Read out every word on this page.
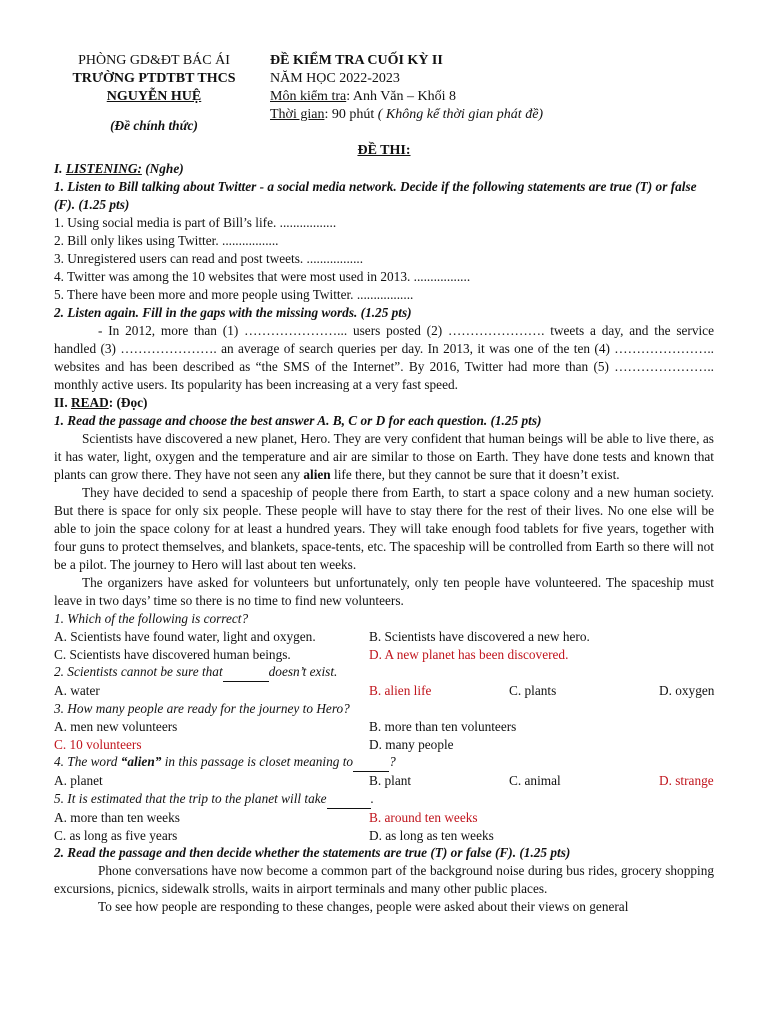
PHÒNG GD&ĐT BÁC ÁI
TRƯỜNG PTDTBT THCS
NGUYỄN HUỆ
(Đề chính thức)
ĐỀ KIỂM TRA CUỐI KỲ II
NĂM HỌC 2022-2023
Môn kiểm tra: Anh Văn – Khối 8
Thời gian: 90 phút ( Không kể thời gian phát đề)
ĐỀ THI:
I. LISTENING: (Nghe)
1. Listen to Bill talking about Twitter - a social media network. Decide if the following statements are true (T) or false (F). (1.25 pts)
1. Using social media is part of Bill’s life. .................
2. Bill only likes using Twitter. .................
3. Unregistered users can read and post tweets. .................
4. Twitter was among the 10 websites that were most used in 2013. .................
5. There have been more and more people using Twitter. .................
2. Listen again. Fill in the gaps with the missing words. (1.25 pts)
- In 2012, more than (1) …………………... users posted (2) …………………. tweets a day, and the service handled (3) …………………. an average of search queries per day. In 2013, it was one of the ten (4) ………………….. websites and has been described as “the SMS of the Internet”. By 2016, Twitter had more than (5) ………………….. monthly active users. Its popularity has been increasing at a very fast speed.
II. READ: (Đọc)
1. Read the passage and choose the best answer A. B, C or D for each question. (1.25 pts)
Scientists have discovered a new planet, Hero. They are very confident that human beings will be able to live there, as it has water, light, oxygen and the temperature and air are similar to those on Earth. They have done tests and known that plants can grow there. They have not seen any alien life there, but they cannot be sure that it doesn’t exist.
They have decided to send a spaceship of people there from Earth, to start a space colony and a new human society. But there is space for only six people. These people will have to stay there for the rest of their lives. No one else will be able to join the space colony for at least a hundred years. They will take enough food tablets for five years, together with four guns to protect themselves, and blankets, space-tents, etc. The spaceship will be controlled from Earth so there will not be a pilot. The journey to Hero will last about ten weeks.
The organizers have asked for volunteers but unfortunately, only ten people have volunteered. The spaceship must leave in two days’ time so there is no time to find new volunteers.
1. Which of the following is correct?
A. Scientists have found water, light and oxygen.	B. Scientists have discovered a new hero.
C. Scientists have discovered human beings.	D. A new planet has been discovered.
2. Scientists cannot be sure that	doesn’t exist.
A. water	B. alien life	C. plants	D. oxygen
3. How many people are ready for the journey to Hero?
A. men new volunteers	B. more than ten volunteers
C. 10 volunteers	D. many people
4. The word “alien” in this passage is closet meaning to	?
A. planet	B. plant	C. animal	D. strange
5. It is estimated that the trip to the planet will take	.
A. more than ten weeks	B. around ten weeks
C. as long as five years	D. as long as ten weeks
2. Read the passage and then decide whether the statements are true (T) or false (F). (1.25 pts)
Phone conversations have now become a common part of the background noise during bus rides, grocery shopping excursions, picnics, sidewalk strolls, waits in airport terminals and many other public places.
To see how people are responding to these changes, people were asked about their views on general
